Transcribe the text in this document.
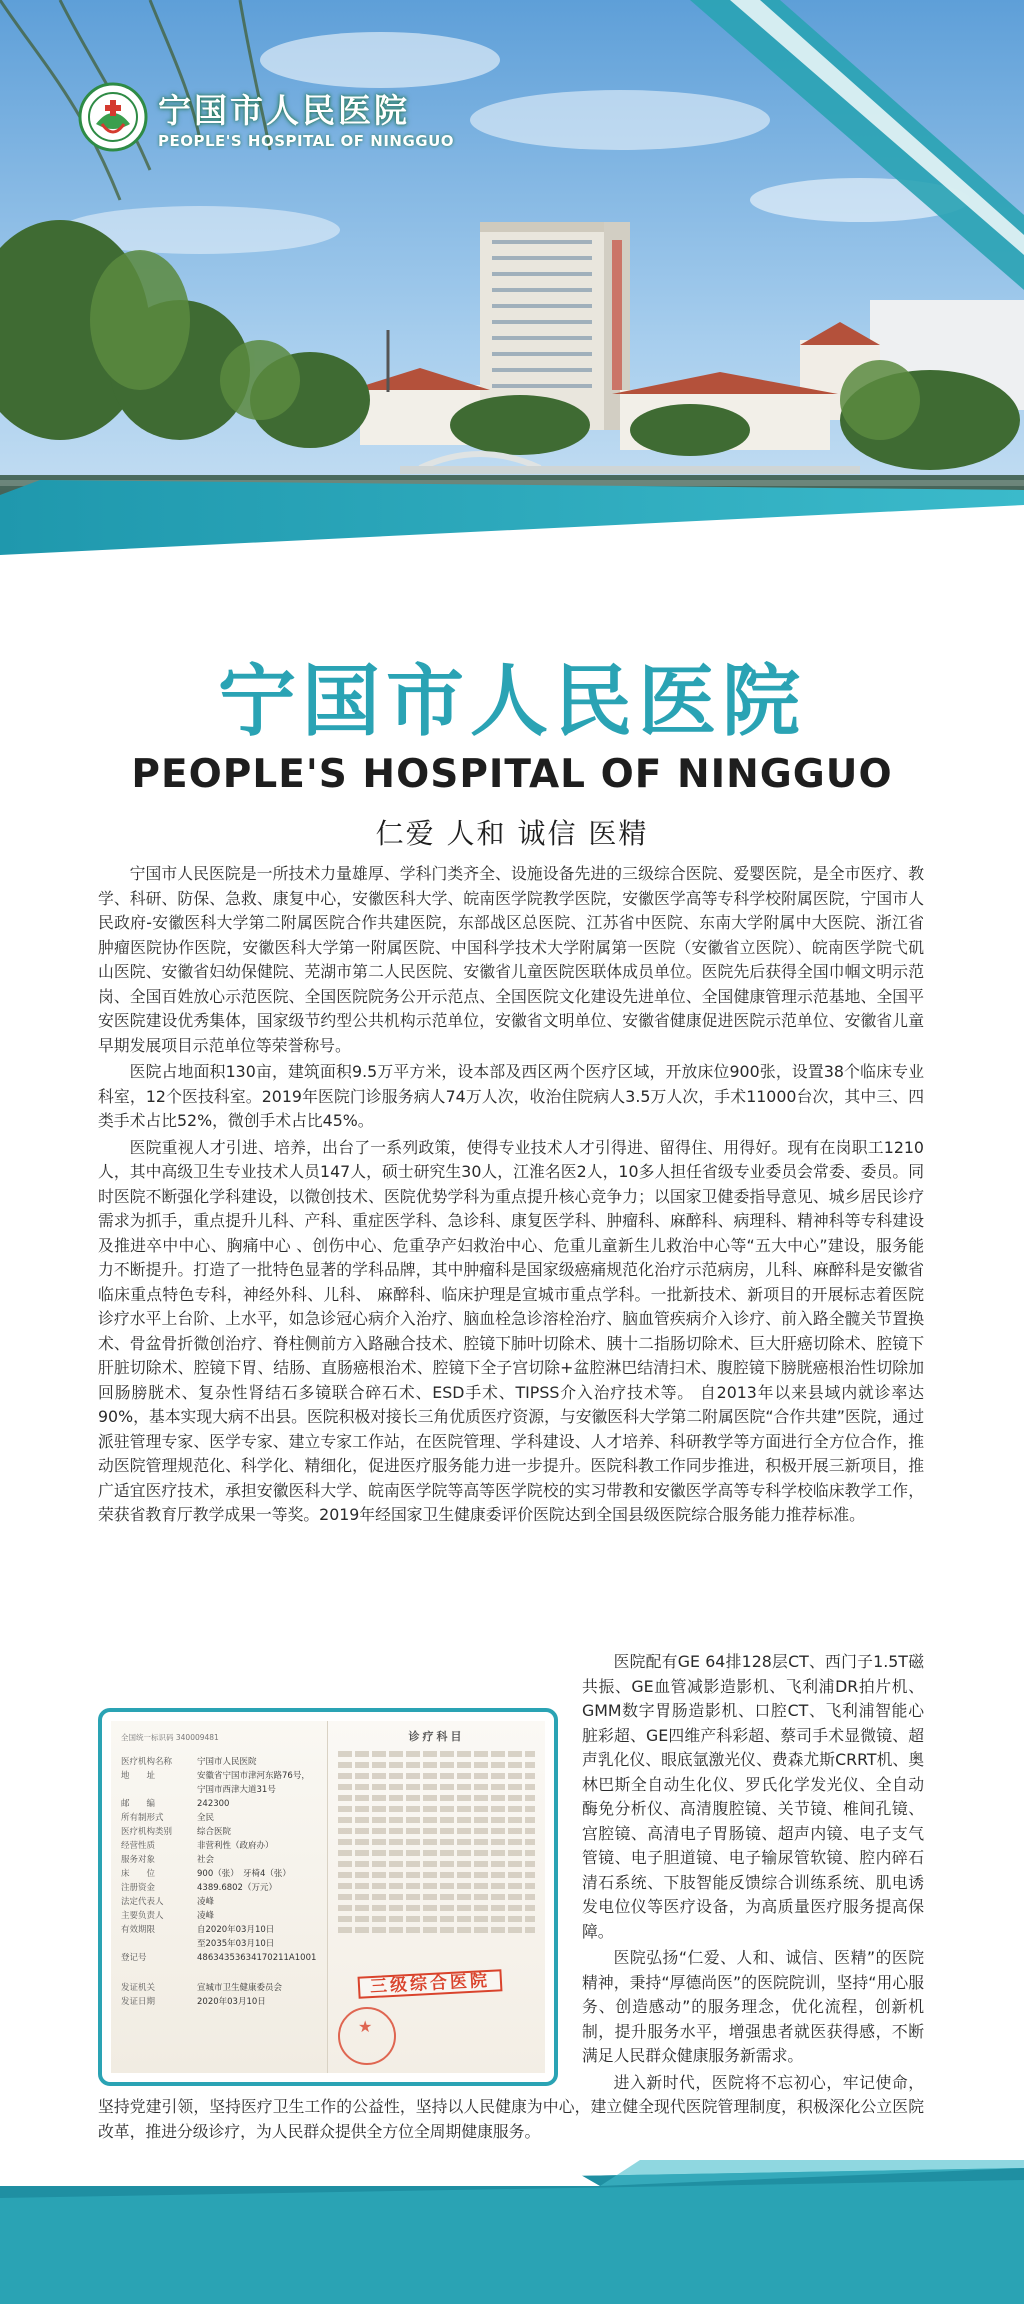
宁国市人民医院
PEOPLE'S HOSPITAL OF NINGGUO
宁国市人民医院
PEOPLE'S HOSPITAL OF NINGGUO

仁爱 人和 诚信 医精

宁国市人民医院是一所技术力量雄厚、学科门类齐全、设施设备先进的三级综合医院、爱婴医院，是全市医疗、教学、科研、防保、急救、康复中心，安徽医科大学、皖南医学院教学医院，安徽医学高等专科学校附属医院，宁国市人民政府-安徽医科大学第二附属医院合作共建医院，东部战区总医院、江苏省中医院、东南大学附属中大医院、浙江省肿瘤医院协作医院，安徽医科大学第一附属医院、中国科学技术大学附属第一医院（安徽省立医院）、皖南医学院弋矶山医院、安徽省妇幼保健院、芜湖市第二人民医院、安徽省儿童医院医联体成员单位。医院先后获得全国巾帼文明示范岗、全国百姓放心示范医院、全国医院院务公开示范点、全国医院文化建设先进单位、全国健康管理示范基地、全国平安医院建设优秀集体，国家级节约型公共机构示范单位，安徽省文明单位、安徽省健康促进医院示范单位、安徽省儿童早期发展项目示范单位等荣誉称号。

医院占地面积130亩，建筑面积9.5万平方米，设本部及西区两个医疗区域，开放床位900张，设置38个临床专业科室，12个医技科室。2019年医院门诊服务病人74万人次，收治住院病人3.5万人次，手术11000台次，其中三、四类手术占比52%，微创手术占比45%。

医院重视人才引进、培养，出台了一系列政策，使得专业技术人才引得进、留得住、用得好。现有在岗职工1210人，其中高级卫生专业技术人员147人，硕士研究生30人，江淮名医2人，10多人担任省级专业委员会常委、委员。同时医院不断强化学科建设，以微创技术、医院优势学科为重点提升核心竞争力；以国家卫健委指导意见、城乡居民诊疗需求为抓手，重点提升儿科、产科、重症医学科、急诊科、康复医学科、肿瘤科、麻醉科、病理科、精神科等专科建设及推进卒中中心、胸痛中心 、创伤中心、危重孕产妇救治中心、危重儿童新生儿救治中心等“五大中心”建设，服务能力不断提升。打造了一批特色显著的学科品牌，其中肿瘤科是国家级癌痛规范化治疗示范病房，儿科、麻醉科是安徽省临床重点特色专科，神经外科、儿科、 麻醉科、临床护理是宣城市重点学科。一批新技术、新项目的开展标志着医院诊疗水平上台阶、上水平，如急诊冠心病介入治疗、脑血栓急诊溶栓治疗、脑血管疾病介入诊疗、前入路全髋关节置换术、骨盆骨折微创治疗、脊柱侧前方入路融合技术、腔镜下肺叶切除术、胰十二指肠切除术、巨大肝癌切除术、腔镜下肝脏切除术、腔镜下胃、结肠、直肠癌根治术、腔镜下全子宫切除+盆腔淋巴结清扫术、腹腔镜下膀胱癌根治性切除加回肠膀胱术、复杂性肾结石多镜联合碎石术、ESD手术、TIPSS介入治疗技术等。 自2013年以来县域内就诊率达90%，基本实现大病不出县。医院积极对接长三角优质医疗资源，与安徽医科大学第二附属医院“合作共建”医院，通过派驻管理专家、医学专家、建立专家工作站，在医院管理、学科建设、人才培养、科研教学等方面进行全方位合作，推动医院管理规范化、科学化、精细化，促进医疗服务能力进一步提升。医院科教工作同步推进，积极开展三新项目，推广适宜医疗技术，承担安徽医科大学、皖南医学院等高等医学院校的实习带教和安徽医学高等专科学校临床教学工作，荣获省教育厅教学成果一等奖。2019年经国家卫生健康委评价医院达到全国县级医院综合服务能力推荐标准。

全国统一标识码 340009481
医疗机构名称	宁国市人民医院
地　　址	安徽省宁国市津河东路76号，宁国市西津大道31号
邮　　编	242300
所有制形式	全民
医疗机构类别	综合医院
经营性质	非营利性（政府办）
服务对象	社会
床　　位	900（张）　牙椅4（张）
注册资金	4389.6802（万元）
法定代表人	凌峰
主要负责人	凌峰
有效期限	自2020年03月10日
至2035年03月10日
登记号	48634353634170211A1001
发证机关	宣城市卫生健康委员会
发证日期	2020年03月10日
诊疗科目
三级综合医院
★

医院配有GE 64排128层CT、西门子1.5T磁共振、GE血管减影造影机、飞利浦DR拍片机、GMM数字胃肠造影机、口腔CT、飞利浦智能心脏彩超、GE四维产科彩超、蔡司手术显微镜、超声乳化仪、眼底氩激光仪、费森尤斯CRRT机、奥林巴斯全自动生化仪、罗氏化学发光仪、全自动酶免分析仪、高清腹腔镜、关节镜、椎间孔镜、宫腔镜、高清电子胃肠镜、超声内镜、电子支气管镜、电子胆道镜、电子输尿管软镜、腔内碎石清石系统、下肢智能反馈综合训练系统、肌电诱发电位仪等医疗设备，为高质量医疗服务提高保障。

医院弘扬“仁爱、人和、诚信、医精”的医院精神，秉持“厚德尚医”的医院院训，坚持“用心服务、创造感动”的服务理念，优化流程，创新机制，提升服务水平，增强患者就医获得感，不断满足人民群众健康服务新需求。

进入新时代，医院将不忘初心，牢记使命，坚持党建引领，坚持医疗卫生工作的公益性，坚持以人民健康为中心，建立健全现代医院管理制度，积极深化公立医院改革，推进分级诊疗，为人民群众提供全方位全周期健康服务。
